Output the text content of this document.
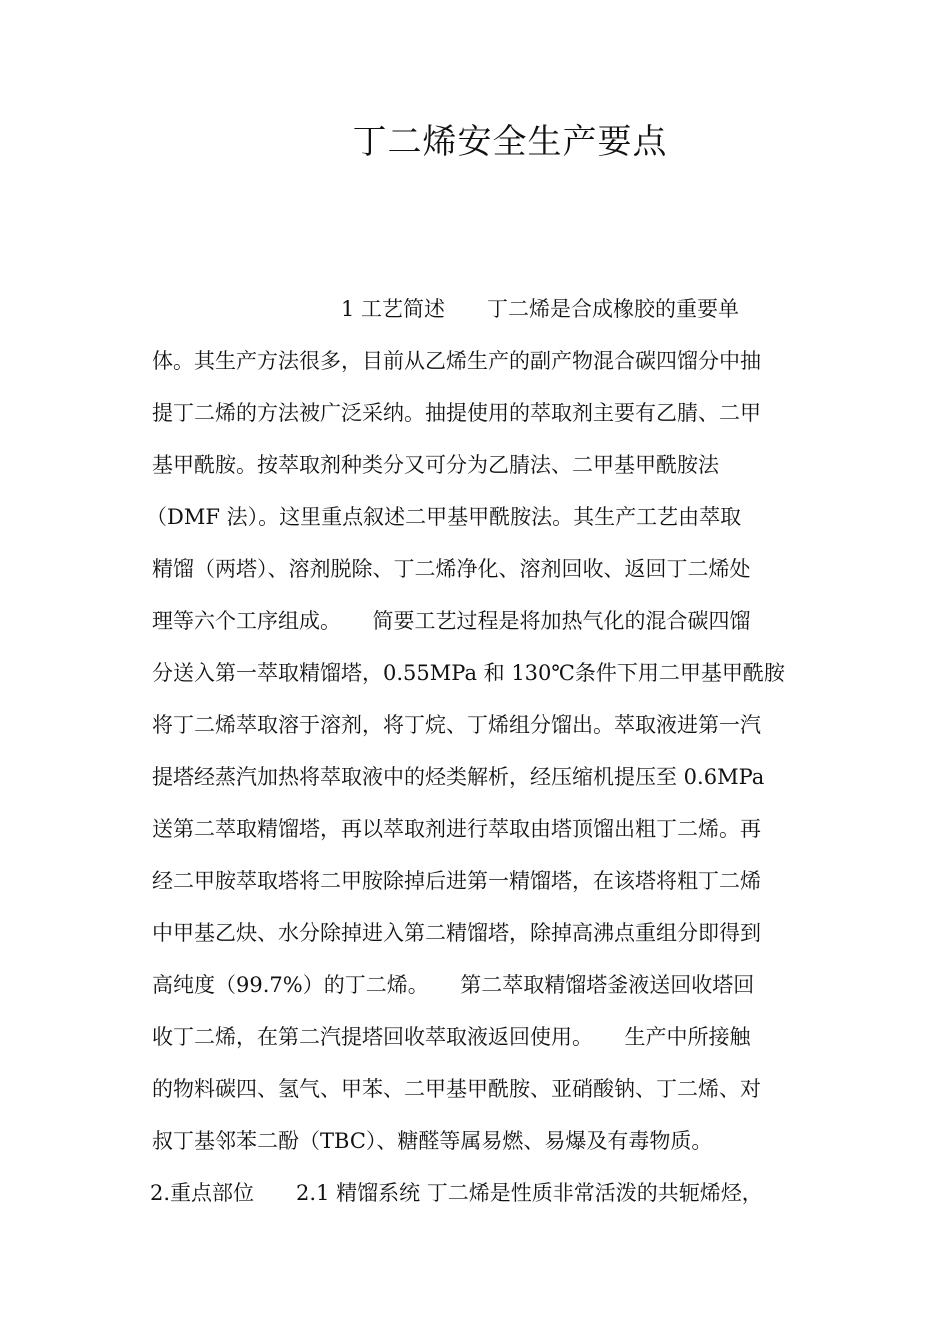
丁二烯安全生产要点
1 工艺简述　　丁二烯是合成橡胶的重要单
体。其生产方法很多，目前从乙烯生产的副产物混合碳四馏分中抽
提丁二烯的方法被广泛采纳。抽提使用的萃取剂主要有乙腈、二甲
基甲酰胺。按萃取剂种类分又可分为乙腈法、二甲基甲酰胺法
（DMF 法）。这里重点叙述二甲基甲酰胺法。其生产工艺由萃取
精馏（两塔）、溶剂脱除、丁二烯净化、溶剂回收、返回丁二烯处
理等六个工序组成。　　简要工艺过程是将加热气化的混合碳四馏
分送入第一萃取精馏塔，0.55MPa 和 130℃条件下用二甲基甲酰胺
将丁二烯萃取溶于溶剂，将丁烷、丁烯组分馏出。萃取液进第一汽
提塔经蒸汽加热将萃取液中的烃类解析，经压缩机提压至 0.6MPa
送第二萃取精馏塔，再以萃取剂进行萃取由塔顶馏出粗丁二烯。再
经二甲胺萃取塔将二甲胺除掉后进第一精馏塔，在该塔将粗丁二烯
中甲基乙炔、水分除掉进入第二精馏塔，除掉高沸点重组分即得到
高纯度（99.7%）的丁二烯。　　第二萃取精馏塔釜液送回收塔回
收丁二烯，在第二汽提塔回收萃取液返回使用。　　生产中所接触
的物料碳四、氢气、甲苯、二甲基甲酰胺、亚硝酸钠、丁二烯、对
叔丁基邻苯二酚（TBC）、糖醛等属易燃、易爆及有毒物质。
2.重点部位　　2.1 精馏系统 丁二烯是性质非常活泼的共轭烯烃，
